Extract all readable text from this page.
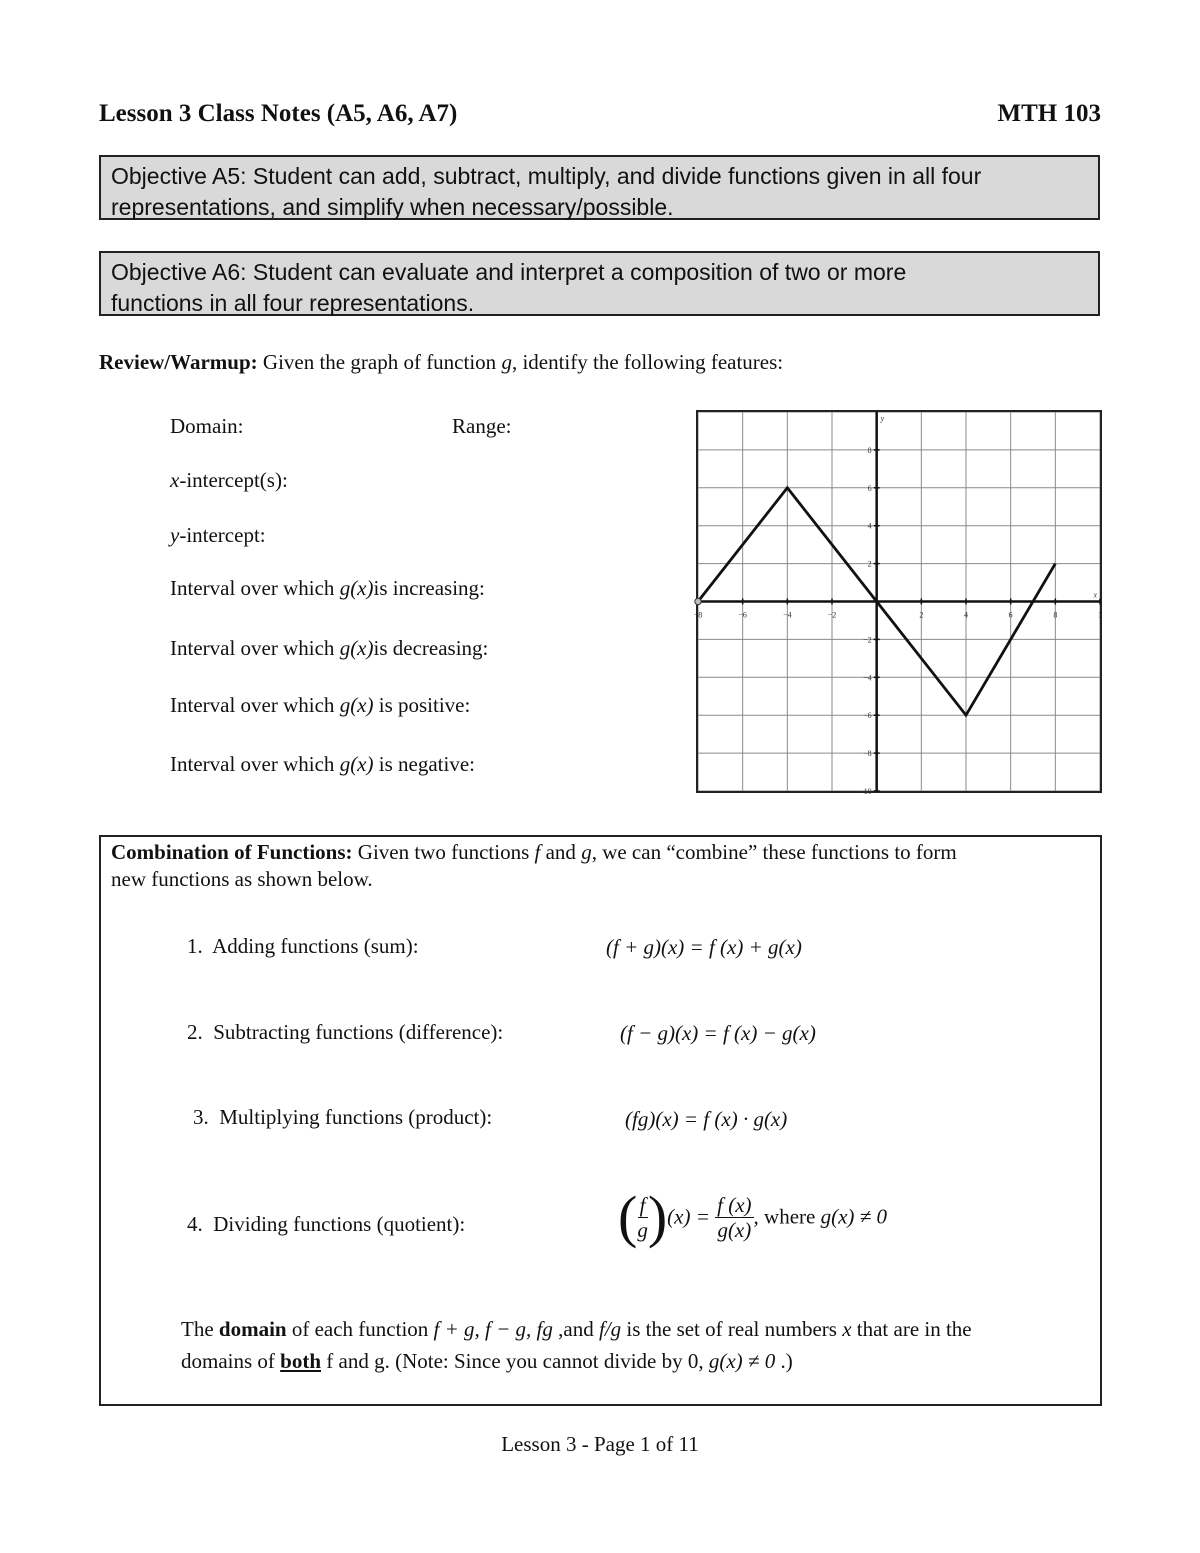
Lesson 3 Class Notes (A5, A6, A7)	MTH 103
Objective A5: Student can add, subtract, multiply, and divide functions given in all four
representations, and simplify when necessary/possible.
Objective A6: Student can evaluate and interpret a composition of two or more
functions in all four representations.
Review/Warmup: Given the graph of function g, identify the following features:
Domain:	Range:
x-intercept(s):
y-intercept:
Interval over which g(x)is increasing:
Interval over which g(x)is decreasing:
Interval over which g(x) is positive:
Interval over which g(x) is negative:
−8	−6	−4	−2	2	4	6	8	1
8
6
4
2
−2
−4
−6
−8
−10
x
y
Combination of Functions: Given two functions f and g, we can “combine” these functions to form
new functions as shown below.
1. Adding functions (sum):	(f + g)(x) = f (x) + g(x)
2. Subtracting functions (difference):	(f − g)(x) = f (x) − g(x)
3. Multiplying functions (product):	(fg)(x) = f (x) · g(x)
4. Dividing functions (quotient):	( $\frac{f}{g} )(x) = \frac{f (x)}{g(x)}$ , where g(x) ≠ 0
The domain of each function f + g, f − g, fg ,and f/g is the set of real numbers x that are in the
domains of both f and g. (Note: Since you cannot divide by 0, g(x) ≠ 0 .)
Lesson 3 - Page 1 of 11
